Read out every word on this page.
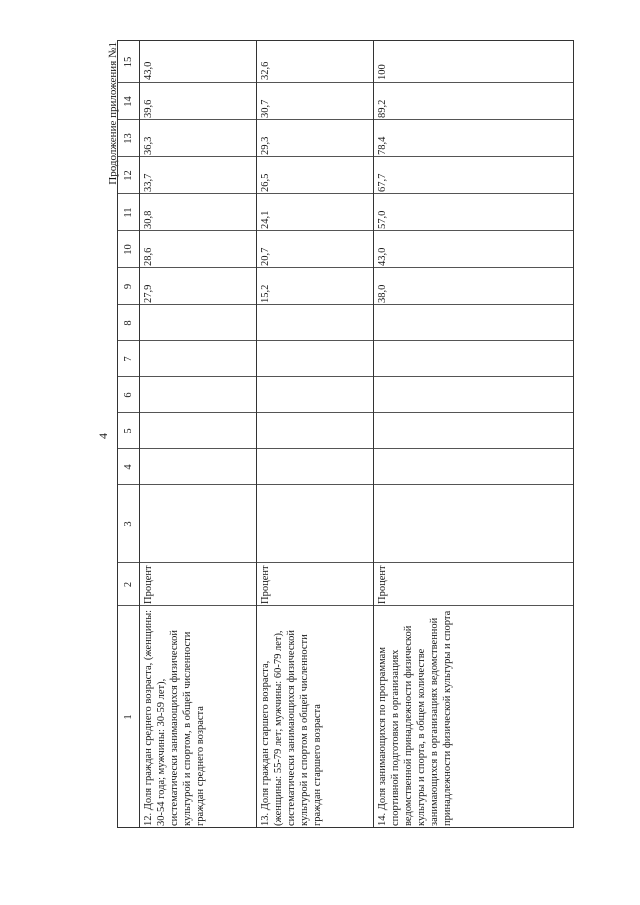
4
Продолжение приложения №1
1
2
3
4
5
6
7
8
9
10
11
12
13
14
15
12. Доля граждан среднего возраста, (женщины: 30-54 года; мужчины: 30-59 лет), систематически занимающихся физической культурой и спортом, в общей численности граждан среднего возраста
Процент
27,9
28,6
30,8
33,7
36,3
39,6
43,0
13. Доля граждан старшего возраста, (женщины: 55-79 лет; мужчины: 60-79 лет), систематически занимающихся физической культурой и спортом в общей численности граждан старшего возраста
Процент
15,2
20,7
24,1
26,5
29,3
30,7
32,6
14. Доля занимающихся по программам спортивной подготовки в организациях ведомственной принадлежности физической культуры и спорта, в общем количестве занимающихся в организациях ведомственной принадлежности физической культуры и спорта
Процент
38,0
43,0
57,0
67,7
78,4
89,2
100
